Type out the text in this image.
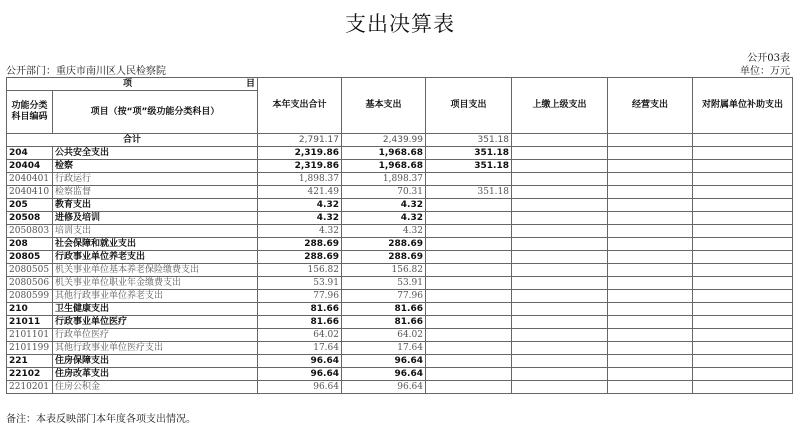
支出决算表
公开03表
公开部门：重庆市南川区人民检察院	单位：万元
项 目		本年支出合计	基本支出	项目支出	上缴上级支出	经营支出	对附属单位补助支出
功能分类科目编码	项目（按“项”级功能分类科目）						
合计		2,791.17	2,439.99	351.18			
204	公共安全支出	2,319.86	1,968.68	351.18			
20404	检察	2,319.86	1,968.68	351.18			
2040401	行政运行	1,898.37	1,898.37				
2040410	检察监督	421.49	70.31	351.18			
205	教育支出	4.32	4.32				
20508	进修及培训	4.32	4.32				
2050803	培训支出	4.32	4.32				
208	社会保障和就业支出	288.69	288.69				
20805	行政事业单位养老支出	288.69	288.69				
2080505	机关事业单位基本养老保险缴费支出	156.82	156.82				
2080506	机关事业单位职业年金缴费支出	53.91	53.91				
2080599	其他行政事业单位养老支出	77.96	77.96				
210	卫生健康支出	81.66	81.66				
21011	行政事业单位医疗	81.66	81.66				
2101101	行政单位医疗	64.02	64.02				
2101199	其他行政事业单位医疗支出	17.64	17.64				
221	住房保障支出	96.64	96.64				
22102	住房改革支出	96.64	96.64				
2210201	住房公积金	96.64	96.64				
备注：本表反映部门本年度各项支出情况。
